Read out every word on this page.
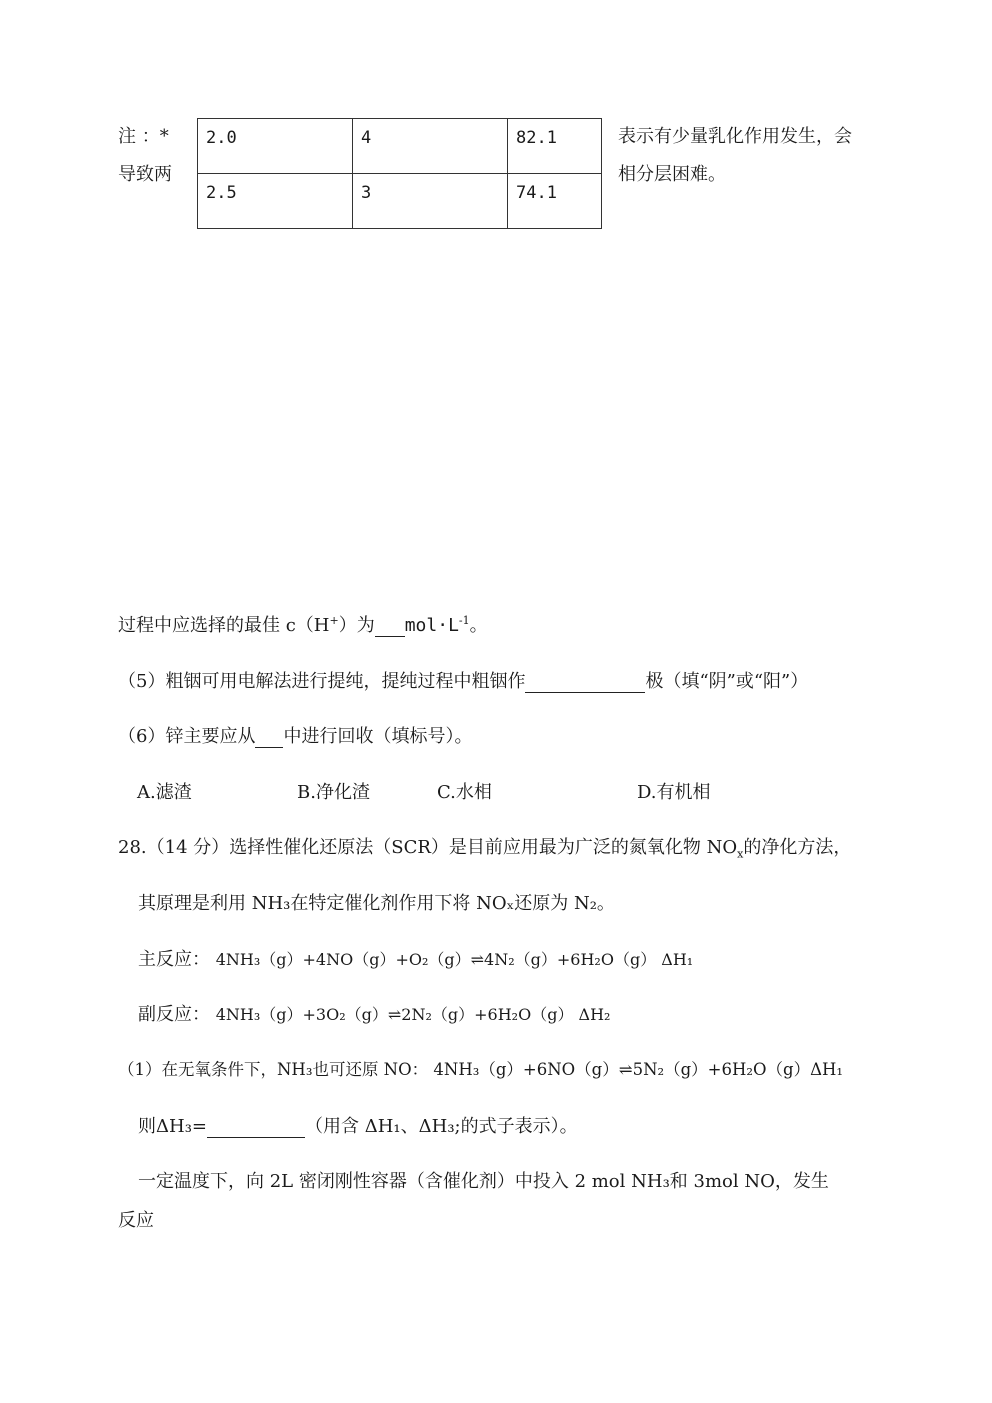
注 ：*
导致两
表示有少量乳化作用发生，会
相分层困难。
2.0	4	82.1
2.5	3	74.1
过程中应选择的最佳 c（H+）为 $mol\cdot L^{-1}$。
（5）粗铟可用电解法进行提纯，提纯过程中粗铟作	极（填“阴”或“阳”）
（6）锌主要应从 中进行回收（填标号）。
A.滤渣	B.净化渣	C.水相	D.有机相
28.（14 分）选择性催化还原法（SCR）是目前应用最为广泛的氮氧化物 $NO_x$的净化方法，
其原理是利用 NH₃在特定催化剂作用下将 NOₓ还原为 N₂。
主反应： 4NH₃（g）+4NO（g）+O₂（g）⇌4N₂（g）+6H₂O（g） ΔH₁
副反应： 4NH₃（g）+3O₂（g）⇌2N₂（g）+6H₂O（g） ΔH₂
（1）在无氧条件下，NH₃也可还原 NO： 4NH₃（g）+6NO（g）⇌5N₂（g）+6H₂O（g）ΔH₁
则ΔH₃=	（用含 ΔH₁、ΔH₃;的式子表示）。
一定温度下，向 2L 密闭刚性容器（含催化剂）中投入 2 mol NH₃和 3mol NO，发生
反应
